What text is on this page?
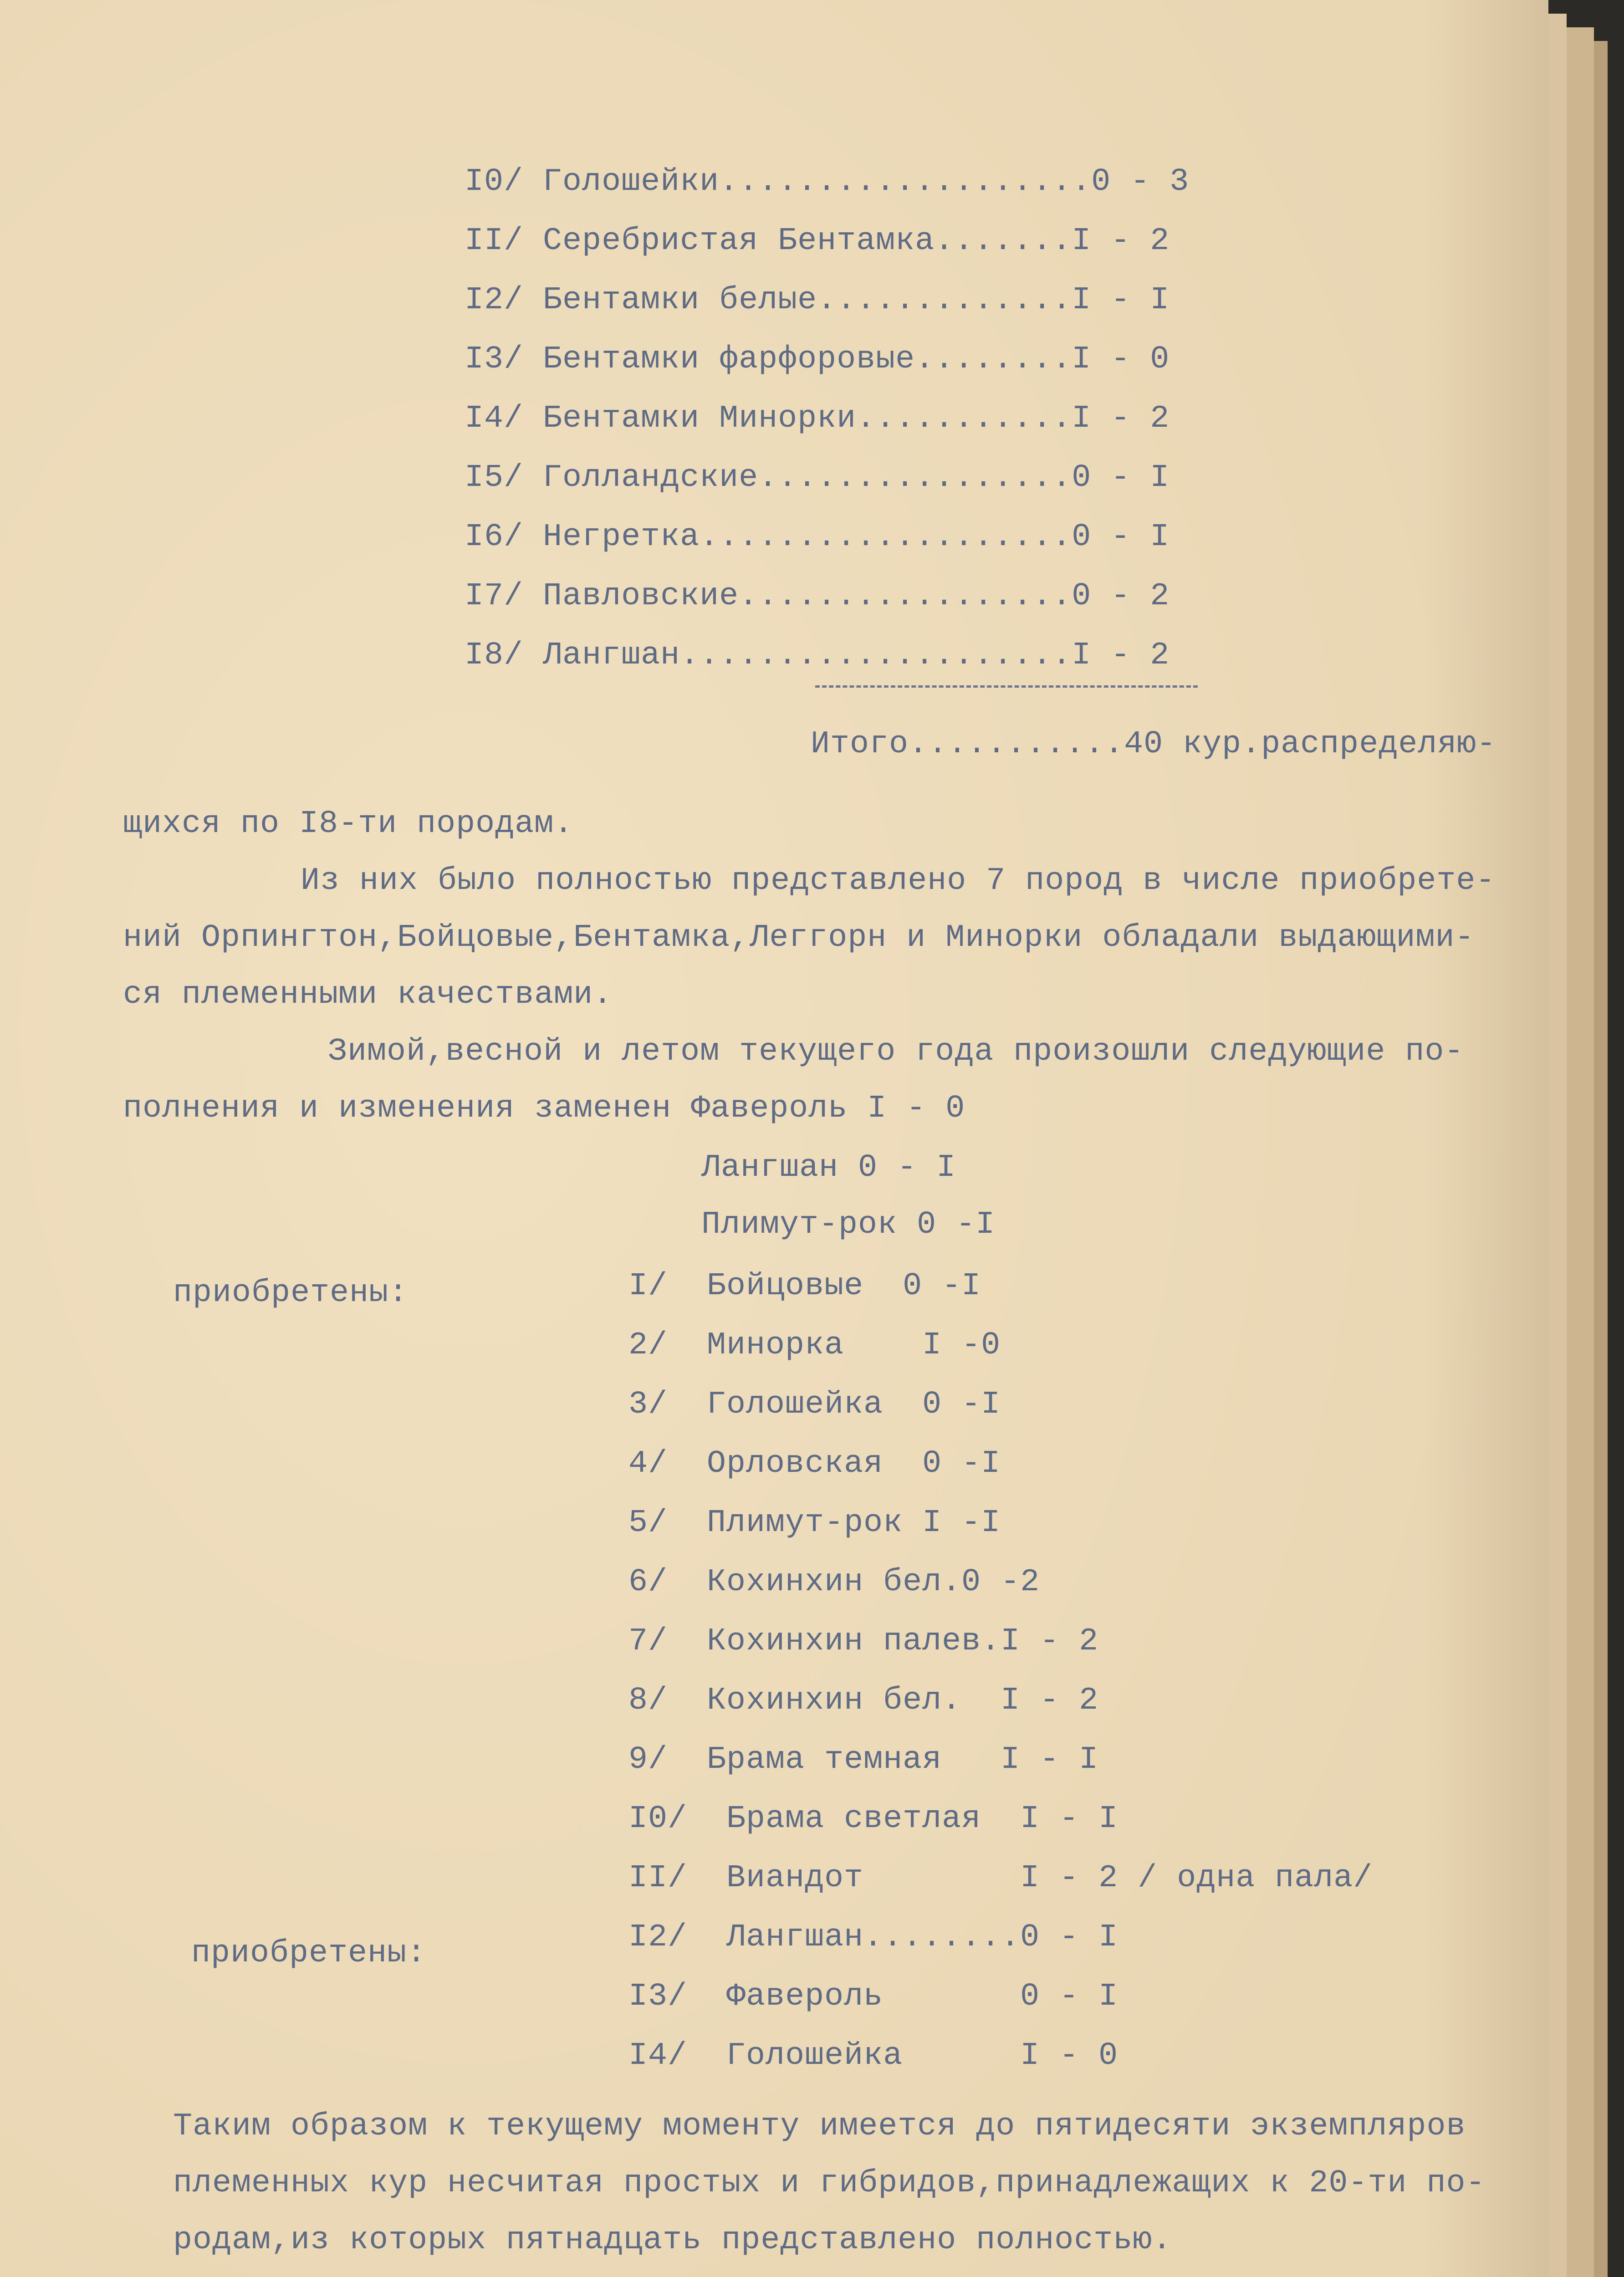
I0/ Голошейки...................0 - 3
II/ Серебристая Бентамка.......I - 2
I2/ Бентамки белые.............I - I
I3/ Бентамки фарфоровые........I - 0
I4/ Бентамки Минорки...........I - 2
I5/ Голландские................0 - I
I6/ Негретка...................0 - I
I7/ Павловские.................0 - 2
I8/ Лангшан....................I - 2
Итого...........40 кур.распределяю-
щихся по I8-ти породам.
Из них было полностью представлено 7 пород в числе приобрете-
ний Орпингтон,Бойцовые,Бентамка,Леггорн и Минорки обладали выдающими-
ся племенными качествами.
Зимой,весной и летом текущего года произошли следующие по-
полнения и изменения заменен Фавероль I - 0
Лангшан 0 - I
Плимут-рок 0 -I
приобретены:
приобретены:
I/ Бойцовые  0 -I
2/ Минорка    I -0
3/ Голошейка  0 -I
4/ Орловская  0 -I
5/ Плимут-рок I -I
6/ Кохинхин бел.0 -2
7/ Кохинхин палев.I - 2
8/ Кохинхин бел.  I - 2
9/ Брама темная   I - I
I0/ Брама светлая  I - I
II/ Виандот        I - 2 / одна пала/
I2/ Лангшан........0 - I
I3/ Фавероль       0 - I
I4/ Голошейка      I - 0
Таким образом к текущему моменту имеется до пятидесяти экземпляров
племенных кур несчитая простых и гибридов,принадлежащих к 20-ти по-
родам,из которых пятнадцать представлено полностью.
